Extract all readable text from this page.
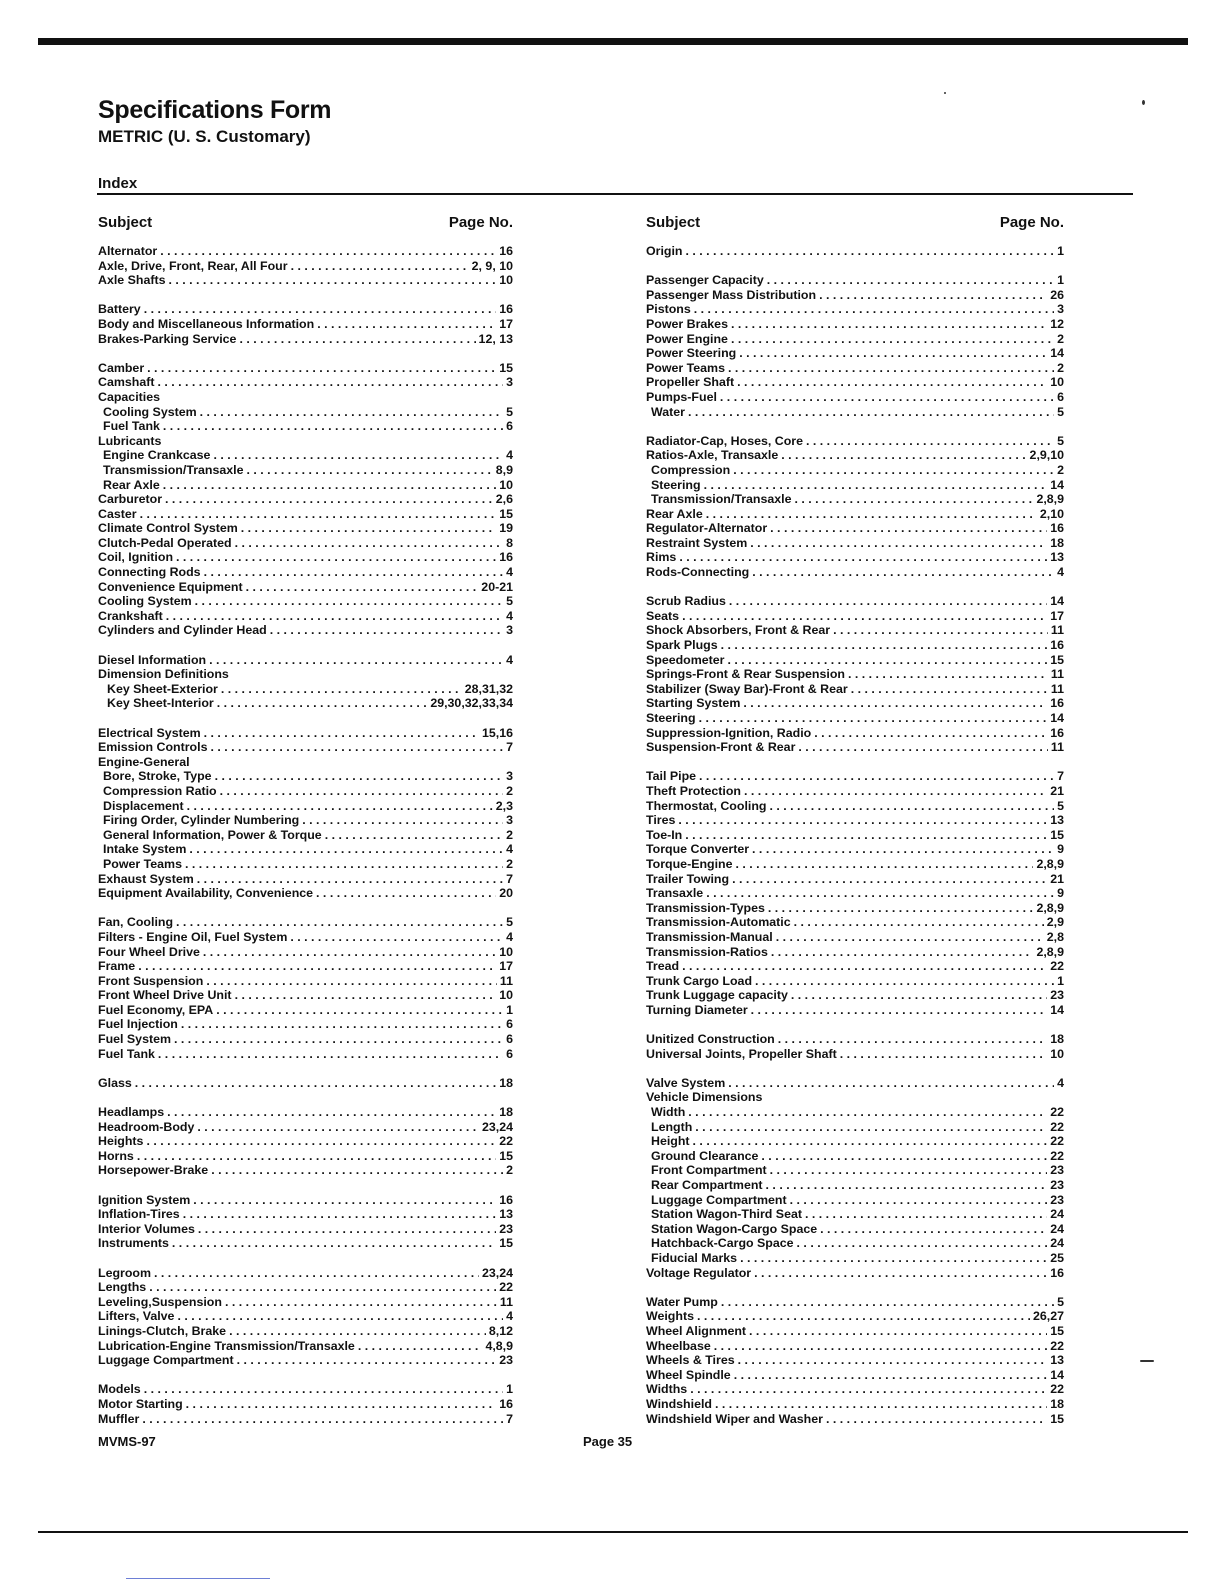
Specifications Form
METRIC (U. S. Customary)
Index
Subject	Page No.
Alternator . . .	16
Axle, Drive, Front, Rear, All Four . . .	2, 9, 10
Axle Shafts . . .	10
Battery . . .	16
Body and Miscellaneous Information . . .	17
Brakes-Parking Service . . .	12, 13
Camber . . .	15
Camshaft . . .	3
Capacities
Cooling System . . .	5
Fuel Tank . . .	6
Lubricants
Engine Crankcase . . .	4
Transmission/Transaxle . . .	8,9
Rear Axle . . .	10
Carburetor . . .	2,6
Caster . . .	15
Climate Control System . . .	19
Clutch-Pedal Operated . . .	8
Coil, Ignition . . .	16
Connecting Rods . . .	4
Convenience Equipment . . .	20-21
Cooling System . . .	5
Crankshaft . . .	4
Cylinders and Cylinder Head . . .	3
Diesel Information . . .	4
Dimension Definitions
Key Sheet-Exterior . . .	28,31,32
Key Sheet-Interior . . .	29,30,32,33,34
Electrical System . . .	15,16
Emission Controls . . .	7
Engine-General
Bore, Stroke, Type . . .	3
Compression Ratio . . .	2
Displacement . . .	2,3
Firing Order, Cylinder Numbering . . .	3
General Information, Power & Torque . . .	2
Intake System . . .	4
Power Teams . . .	2
Exhaust System . . .	7
Equipment Availability, Convenience . . .	20
Fan, Cooling . . .	5
Filters - Engine Oil, Fuel System . . .	4
Four Wheel Drive . . .	10
Frame . . .	17
Front Suspension . . .	11
Front Wheel Drive Unit . . .	10
Fuel Economy, EPA . . .	1
Fuel Injection . . .	6
Fuel System . . .	6
Fuel Tank . . .	6
Glass . . .	18
Headlamps . . .	18
Headroom-Body . . .	23,24
Heights . . .	22
Horns . . .	15
Horsepower-Brake . . .	2
Ignition System . . .	16
Inflation-Tires . . .	13
Interior Volumes . . .	23
Instruments . . .	15
Legroom . . .	23,24
Lengths . . .	22
Leveling,Suspension . . .	11
Lifters, Valve . . .	4
Linings-Clutch, Brake . . .	8,12
Lubrication-Engine Transmission/Transaxle . . .	4,8,9
Luggage Compartment . . .	23
Models . . .	1
Motor Starting . . .	16
Muffler . . .	7
Subject	Page No.
Origin . . .	1
Passenger Capacity . . .	1
Passenger Mass Distribution . . .	26
Pistons . . .	3
Power Brakes . . .	12
Power Engine . . .	2
Power Steering . . .	14
Power Teams . . .	2
Propeller Shaft . . .	10
Pumps-Fuel . . .	6
Water . . .	5
Radiator-Cap, Hoses, Core . . .	5
Ratios-Axle, Transaxle . . .	2,9,10
Compression . . .	2
Steering . . .	14
Transmission/Transaxle . . .	2,8,9
Rear Axle . . .	2,10
Regulator-Alternator . . .	16
Restraint System . . .	18
Rims . . .	13
Rods-Connecting . . .	4
Scrub Radius . . .	14
Seats . . .	17
Shock Absorbers, Front & Rear . . .	11
Spark Plugs . . .	16
Speedometer . . .	15
Springs-Front & Rear Suspension . . .	11
Stabilizer (Sway Bar)-Front & Rear . . .	11
Starting System . . .	16
Steering . . .	14
Suppression-Ignition, Radio . . .	16
Suspension-Front & Rear . . .	11
Tail Pipe . . .	7
Theft Protection . . .	21
Thermostat, Cooling . . .	5
Tires . . .	13
Toe-In . . .	15
Torque Converter . . .	9
Torque-Engine . . .	2,8,9
Trailer Towing . . .	21
Transaxle . . .	9
Transmission-Types . . .	2,8,9
Transmission-Automatic . . .	2,9
Transmission-Manual . . .	2,8
Transmission-Ratios . . .	2,8,9
Tread . . .	22
Trunk Cargo Load . . .	1
Trunk Luggage capacity . . .	23
Turning Diameter . . .	14
Unitized Construction . . .	18
Universal Joints, Propeller Shaft . . .	10
Valve System . . .	4
Vehicle Dimensions
Width . . .	22
Length . . .	22
Height . . .	22
Ground Clearance . . .	22
Front Compartment . . .	23
Rear Compartment . . .	23
Luggage Compartment . . .	23
Station Wagon-Third Seat . . .	24
Station Wagon-Cargo Space . . .	24
Hatchback-Cargo Space . . .	24
Fiducial Marks . . .	25
Voltage Regulator . . .	16
Water Pump . . .	5
Weights . . .	26,27
Wheel Alignment . . .	15
Wheelbase . . .	22
Wheels & Tires . . .	13
Wheel Spindle . . .	14
Widths . . .	22
Windshield . . .	18
Windshield Wiper and Washer . . .	15
MVMS-97	Page 35
